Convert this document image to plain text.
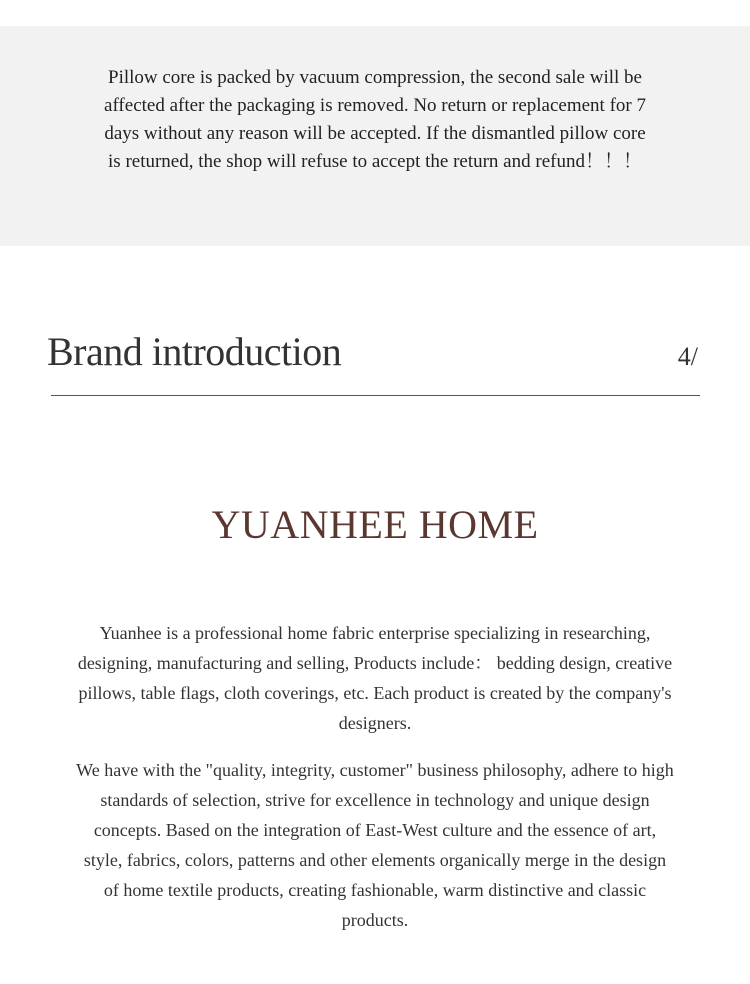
Pillow core is packed by vacuum compression, the second sale will be affected after the packaging is removed. No return or replacement for 7 days without any reason will be accepted. If the dismantled pillow core is returned, the shop will refuse to accept the return and refund！！！
Brand introduction	4/
YUANHEE HOME
Yuanhee is a professional home fabric enterprise specializing in researching, designing, manufacturing and selling, Products include： bedding design, creative pillows, table flags, cloth coverings, etc. Each product is created by the company's designers.
We have with the "quality, integrity, customer" business philosophy, adhere to high standards of selection, strive for excellence in technology and unique design concepts. Based on the integration of East-West culture and the essence of art, style, fabrics, colors, patterns and other elements organically merge in the design of home textile products, creating fashionable, warm distinctive and classic products.
